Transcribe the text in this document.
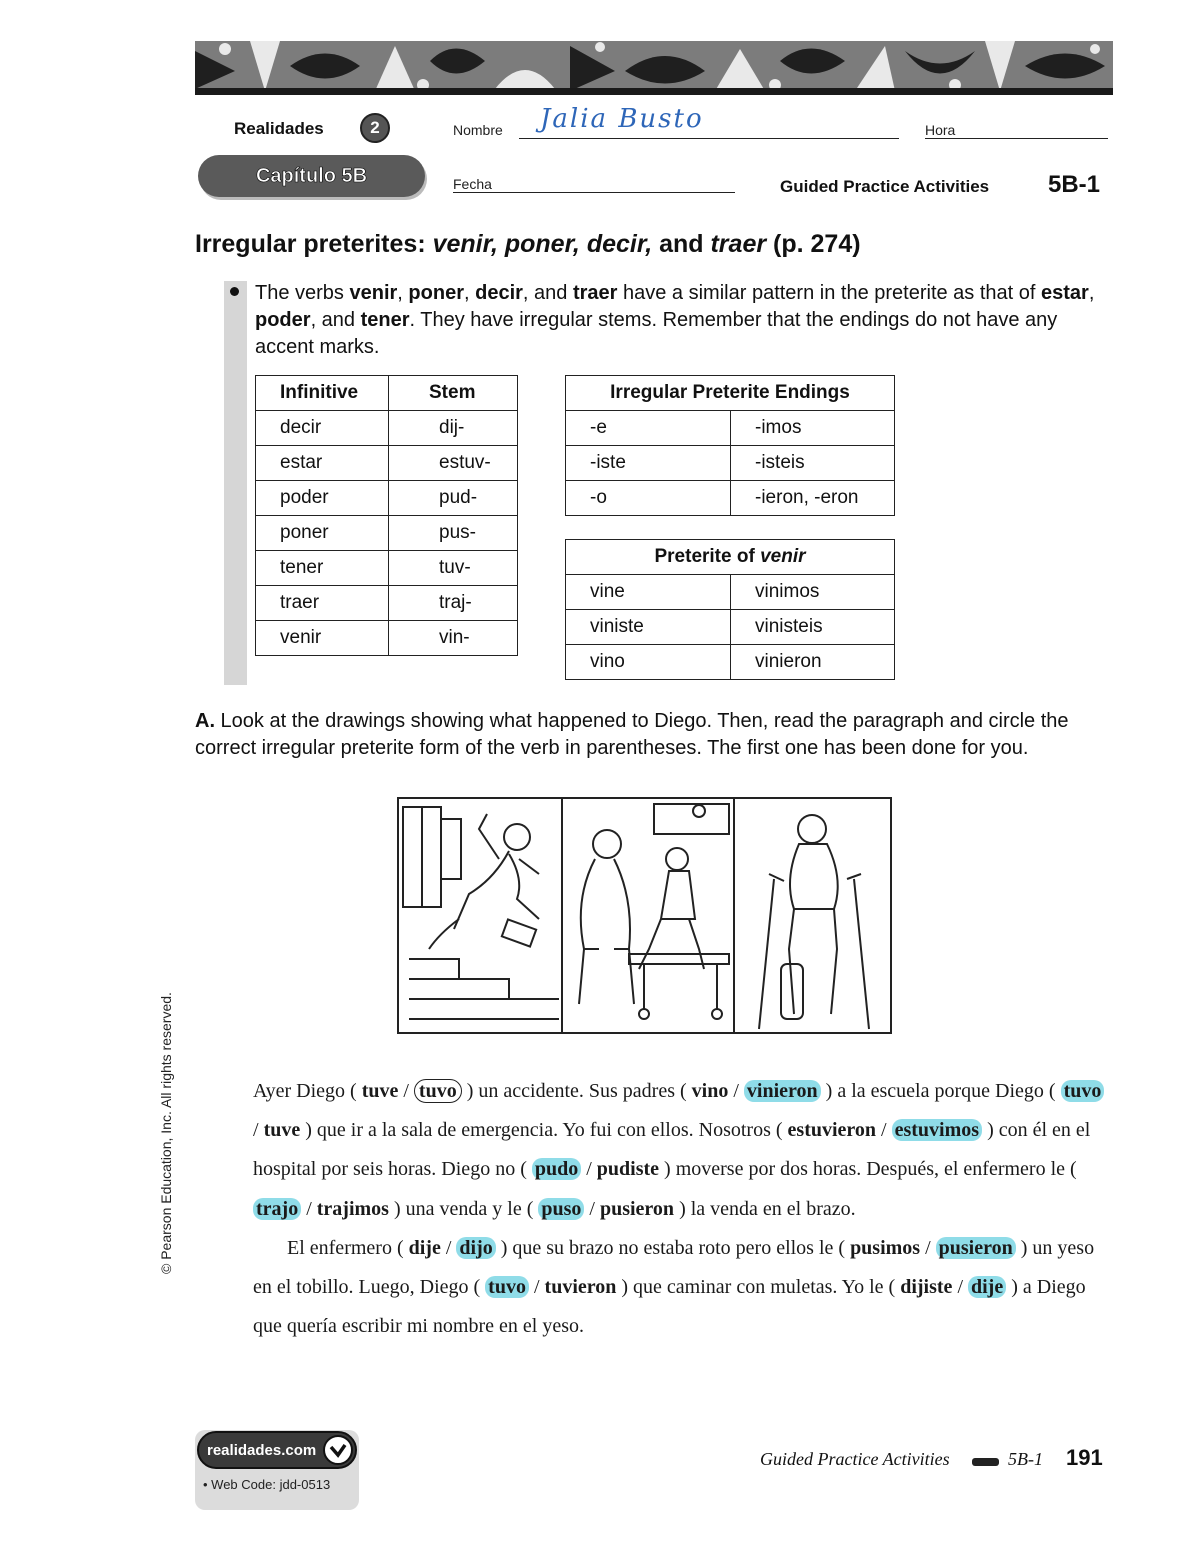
Realidades	2
Capítulo 5B
Nombre Jalia Busto	Hora
Fecha	Guided Practice Activities 5B-1
Irregular preterites: venir, poner, decir, and traer (p. 274)

The verbs venir, poner, decir, and traer have a similar pattern in the preterite as that of estar, poder, and tener. They have irregular stems. Remember that the endings do not have any accent marks.

Infinitive	Stem
decir	dij-
estar	estuv-
poder	pud-
poner	pus-
tener	tuv-
traer	traj-
venir	vin-
Irregular Preterite Endings	
-e	-imos
-iste	-isteis
-o	-ieron, -eron
Preterite of venir	
vine	vinimos
viniste	vinisteis
vino	vinieron

A. Look at the drawings showing what happened to Diego. Then, read the paragraph and circle the correct irregular preterite form of the verb in parentheses. The first one has been done for you.

Ayer Diego ( tuve / tuvo ) un accidente. Sus padres ( vino / vinieron ) a la escuela porque Diego ( tuvo / tuve ) que ir a la sala de emergencia. Yo fui con ellos. Nosotros ( estuvieron / estuvimos ) con él en el hospital por seis horas. Diego no ( pudo / pudiste ) moverse por dos horas. Después, el enfermero le ( trajo / trajimos ) una venda y le ( puso / pusieron ) la venda en el brazo.
El enfermero ( dije / dijo ) que su brazo no estaba roto pero ellos le ( pusimos / pusieron ) un yeso en el tobillo. Luego, Diego ( tuvo / tuvieron ) que caminar con muletas. Yo le ( dijiste / dije ) a Diego que quería escribir mi nombre en el yeso.

© Pearson Education, Inc. All rights reserved.
realidades.com
• Web Code: jdd-0513
Guided Practice Activities	5B-1 191
